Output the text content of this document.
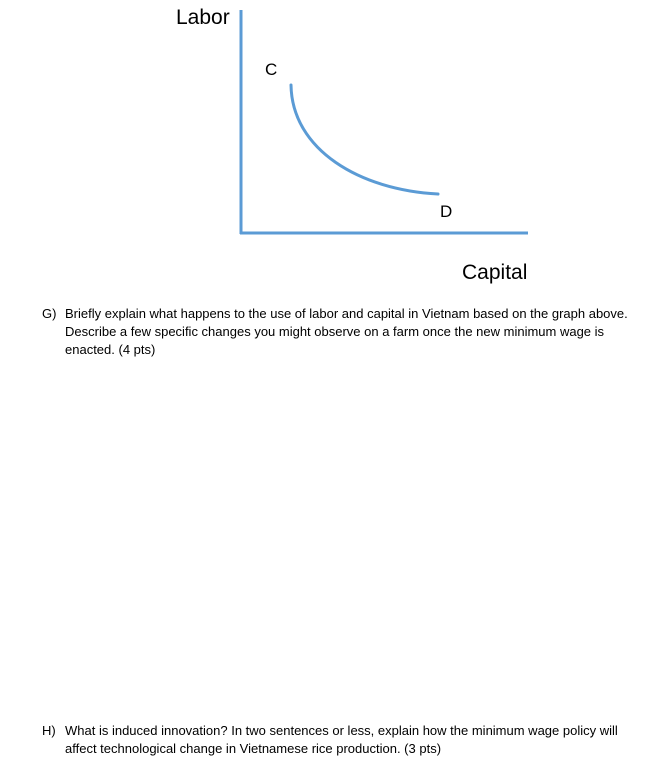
Labor
C
D
Capital
G) Briefly explain what happens to the use of labor and capital in Vietnam based on the graph above. Describe a few specific changes you might observe on a farm once the new minimum wage is enacted. (4 pts)
H) What is induced innovation? In two sentences or less, explain how the minimum wage policy will affect technological change in Vietnamese rice production. (3 pts)
